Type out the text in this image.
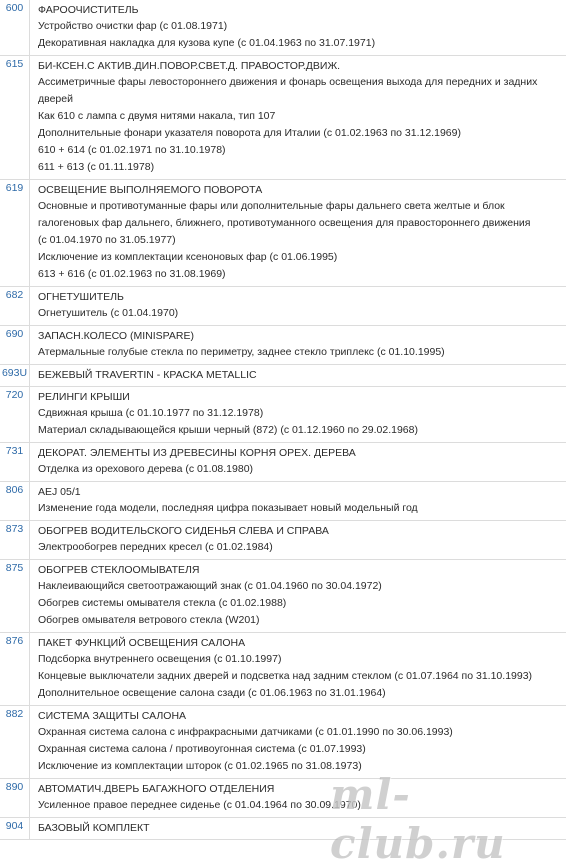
600	ФАРООЧИСТИТЕЛЬ
Устройство очистки фар (с 01.08.1971)
Декоративная накладка для кузова купе (с 01.04.1963 по 31.07.1971)
615	БИ-КСЕН.С АКТИВ.ДИН.ПОВОР.СВЕТ.Д. ПРАВОСТОР.ДВИЖ.
Ассиметричные фары левостороннего движения и фонарь освещения выхода для передних и задних
дверей
Как 610 с лампа с двумя нитями накала, тип 107
Дополнительные фонари указателя поворота для Италии (с 01.02.1963 по 31.12.1969)
610 + 614 (с 01.02.1971 по 31.10.1978)
611 + 613 (с 01.11.1978)
619	ОСВЕЩЕНИЕ ВЫПОЛНЯЕМОГО ПОВОРОТА
Основные и противотуманные фары или дополнительные фары дальнего света желтые и блок
галогеновых фар дальнего, ближнего, противотуманного освещения для правостороннего движения
(с 01.04.1970 по 31.05.1977)
Исключение из комплектации ксеноновых фар (с 01.06.1995)
613 + 616 (с 01.02.1963 по 31.08.1969)
682	ОГНЕТУШИТЕЛЬ
Огнетушитель (с 01.04.1970)
690	ЗАПАСН.КОЛЕСО (MINISPARE)
Атермальные голубые стекла по периметру, заднее стекло триплекс (с 01.10.1995)
693U БЕЖЕВЫЙ TRAVERTIN - КРАСКА METALLIC
720	РЕЛИНГИ КРЫШИ
Сдвижная крыша (с 01.10.1977 по 31.12.1978)
Материал складывающейся крыши черный (872) (с 01.12.1960 по 29.02.1968)
731	ДЕКОРАТ. ЭЛЕМЕНТЫ ИЗ ДРЕВЕСИНЫ КОРНЯ ОРЕХ. ДЕРЕВА
Отделка из орехового дерева (с 01.08.1980)
806	AEJ 05/1
Изменение года модели, последняя цифра показывает новый модельный год
873	ОБОГРЕВ ВОДИТЕЛЬСКОГО СИДЕНЬЯ СЛЕВА И СПРАВА
Электрообогрев передних кресел (с 01.02.1984)
875	ОБОГРЕВ СТЕКЛООМЫВАТЕЛЯ
Наклеивающийся светоотражающий знак (с 01.04.1960 по 30.04.1972)
Обогрев системы омывателя стекла (с 01.02.1988)
Обогрев омывателя ветрового стекла (W201)
876	ПАКЕТ ФУНКЦИЙ ОСВЕЩЕНИЯ САЛОНА
Подсборка внутреннего освещения (с 01.10.1997)
Концевые выключатели задних дверей и подсветка над задним стеклом (с 01.07.1964 по 31.10.1993)
Дополнительное освещение салона сзади (с 01.06.1963 по 31.01.1964)
882	СИСТЕМА ЗАЩИТЫ САЛОНА
Охранная система салона с инфракрасными датчиками (с 01.01.1990 по 30.06.1993)
Охранная система салона / противоугонная система (с 01.07.1993)
Исключение из комплектации шторок (с 01.02.1965 по 31.08.1973)
890	АВТОМАТИЧ.ДВЕРЬ БАГАЖНОГО ОТДЕЛЕНИЯ
Усиленное правое переднее сиденье (с 01.04.1964 по 30.09.1970)
904	БАЗОВЫЙ КОМПЛЕКТ
ml-club.ru
